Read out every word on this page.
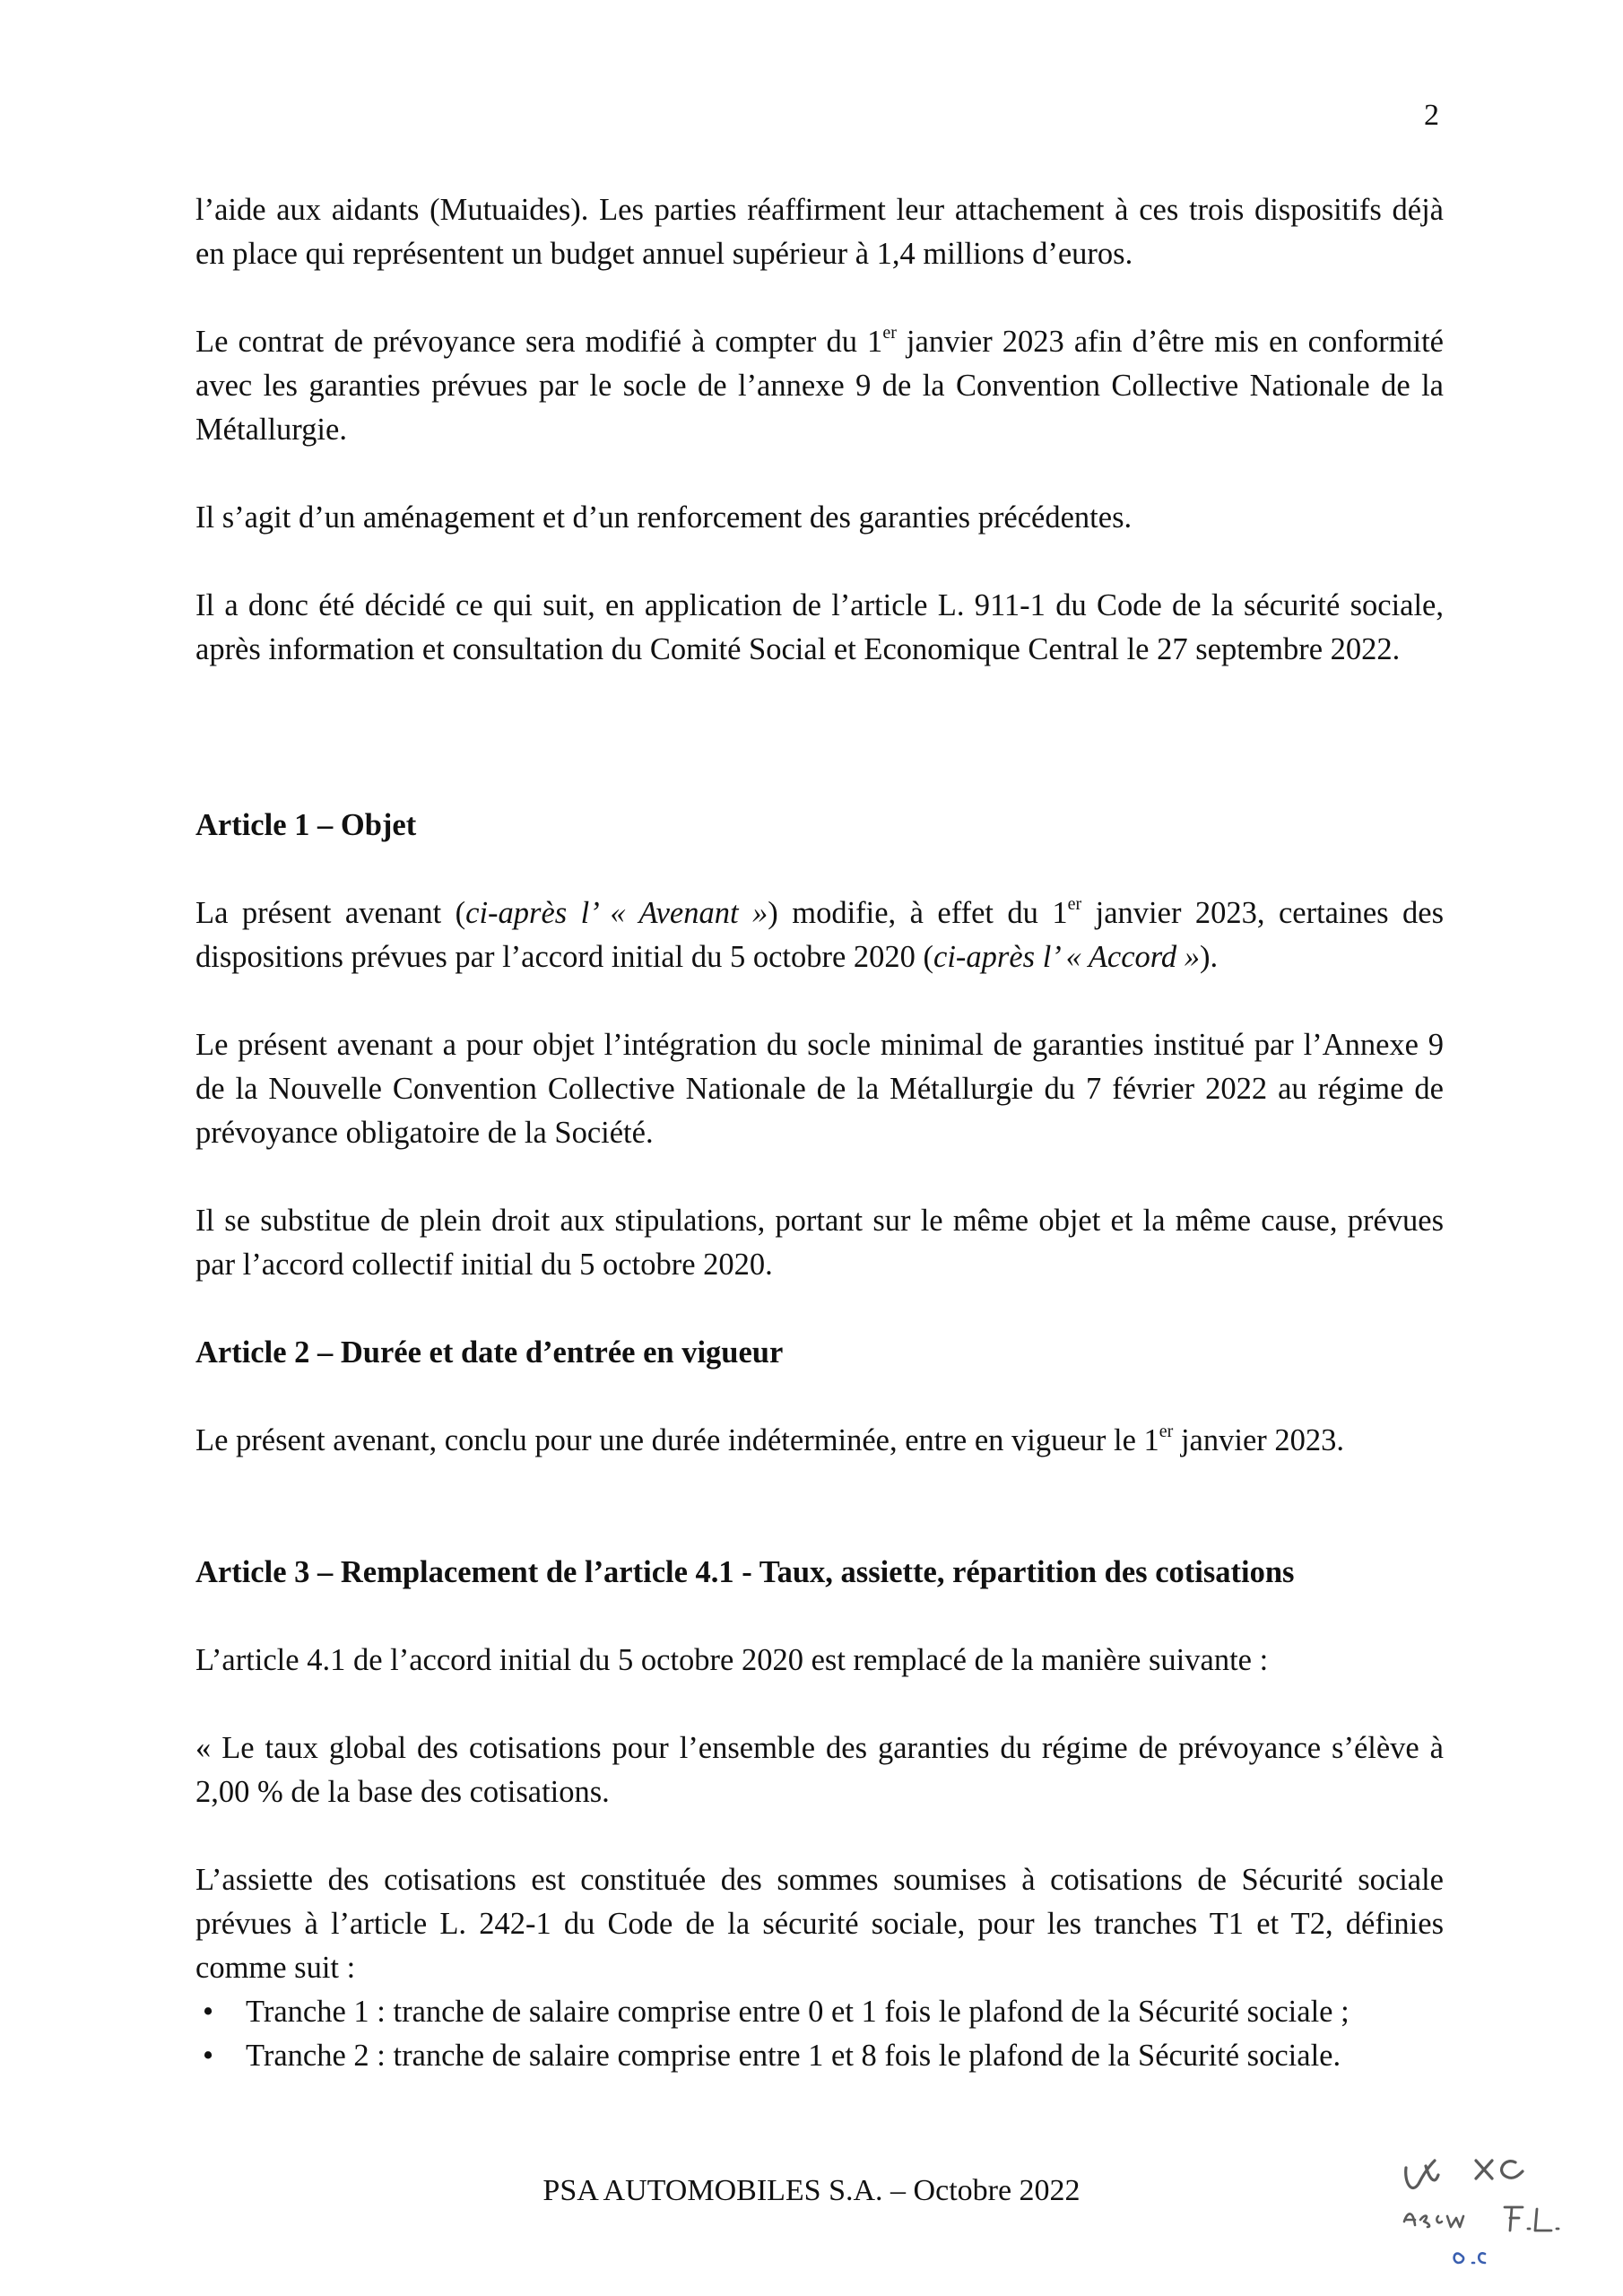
2

l’aide aux aidants (Mutuaides). Les parties réaffirment leur attachement à ces trois dispositifs déjà en place qui représentent un budget annuel supérieur à 1,4 millions d’euros.

Le contrat de prévoyance sera modifié à compter du 1er janvier 2023 afin d’être mis en conformité avec les garanties prévues par le socle de l’annexe 9 de la Convention Collective Nationale de la Métallurgie.

Il s’agit d’un aménagement et d’un renforcement des garanties précédentes.

Il a donc été décidé ce qui suit, en application de l’article L. 911-1 du Code de la sécurité sociale, après information et consultation du Comité Social et Economique Central le 27 septembre 2022.

Article 1 – Objet

La présent avenant (ci-après l’ « Avenant ») modifie, à effet du 1er janvier 2023, certaines des dispositions prévues par l’accord initial du 5 octobre 2020 (ci-après l’ « Accord »).

Le présent avenant a pour objet l’intégration du socle minimal de garanties institué par l’Annexe 9 de la Nouvelle Convention Collective Nationale de la Métallurgie du 7 février 2022 au régime de prévoyance obligatoire de la Société.

Il se substitue de plein droit aux stipulations, portant sur le même objet et la même cause, prévues par l’accord collectif initial du 5 octobre 2020.

Article 2 – Durée et date d’entrée en vigueur

Le présent avenant, conclu pour une durée indéterminée, entre en vigueur le 1er janvier 2023.

Article 3 – Remplacement de l’article 4.1 - Taux, assiette, répartition des cotisations

L’article 4.1 de l’accord initial du 5 octobre 2020 est remplacé de la manière suivante :

« Le taux global des cotisations pour l’ensemble des garanties du régime de prévoyance s’élève à 2,00 % de la base des cotisations.

L’assiette des cotisations est constituée des sommes soumises à cotisations de Sécurité sociale prévues à l’article L. 242-1 du Code de la sécurité sociale, pour les tranches T1 et T2, définies comme suit :

• Tranche 1 : tranche de salaire comprise entre 0 et 1 fois le plafond de la Sécurité sociale ;
• Tranche 2 : tranche de salaire comprise entre 1 et 8 fois le plafond de la Sécurité sociale.
PSA AUTOMOBILES S.A. – Octobre 2022
